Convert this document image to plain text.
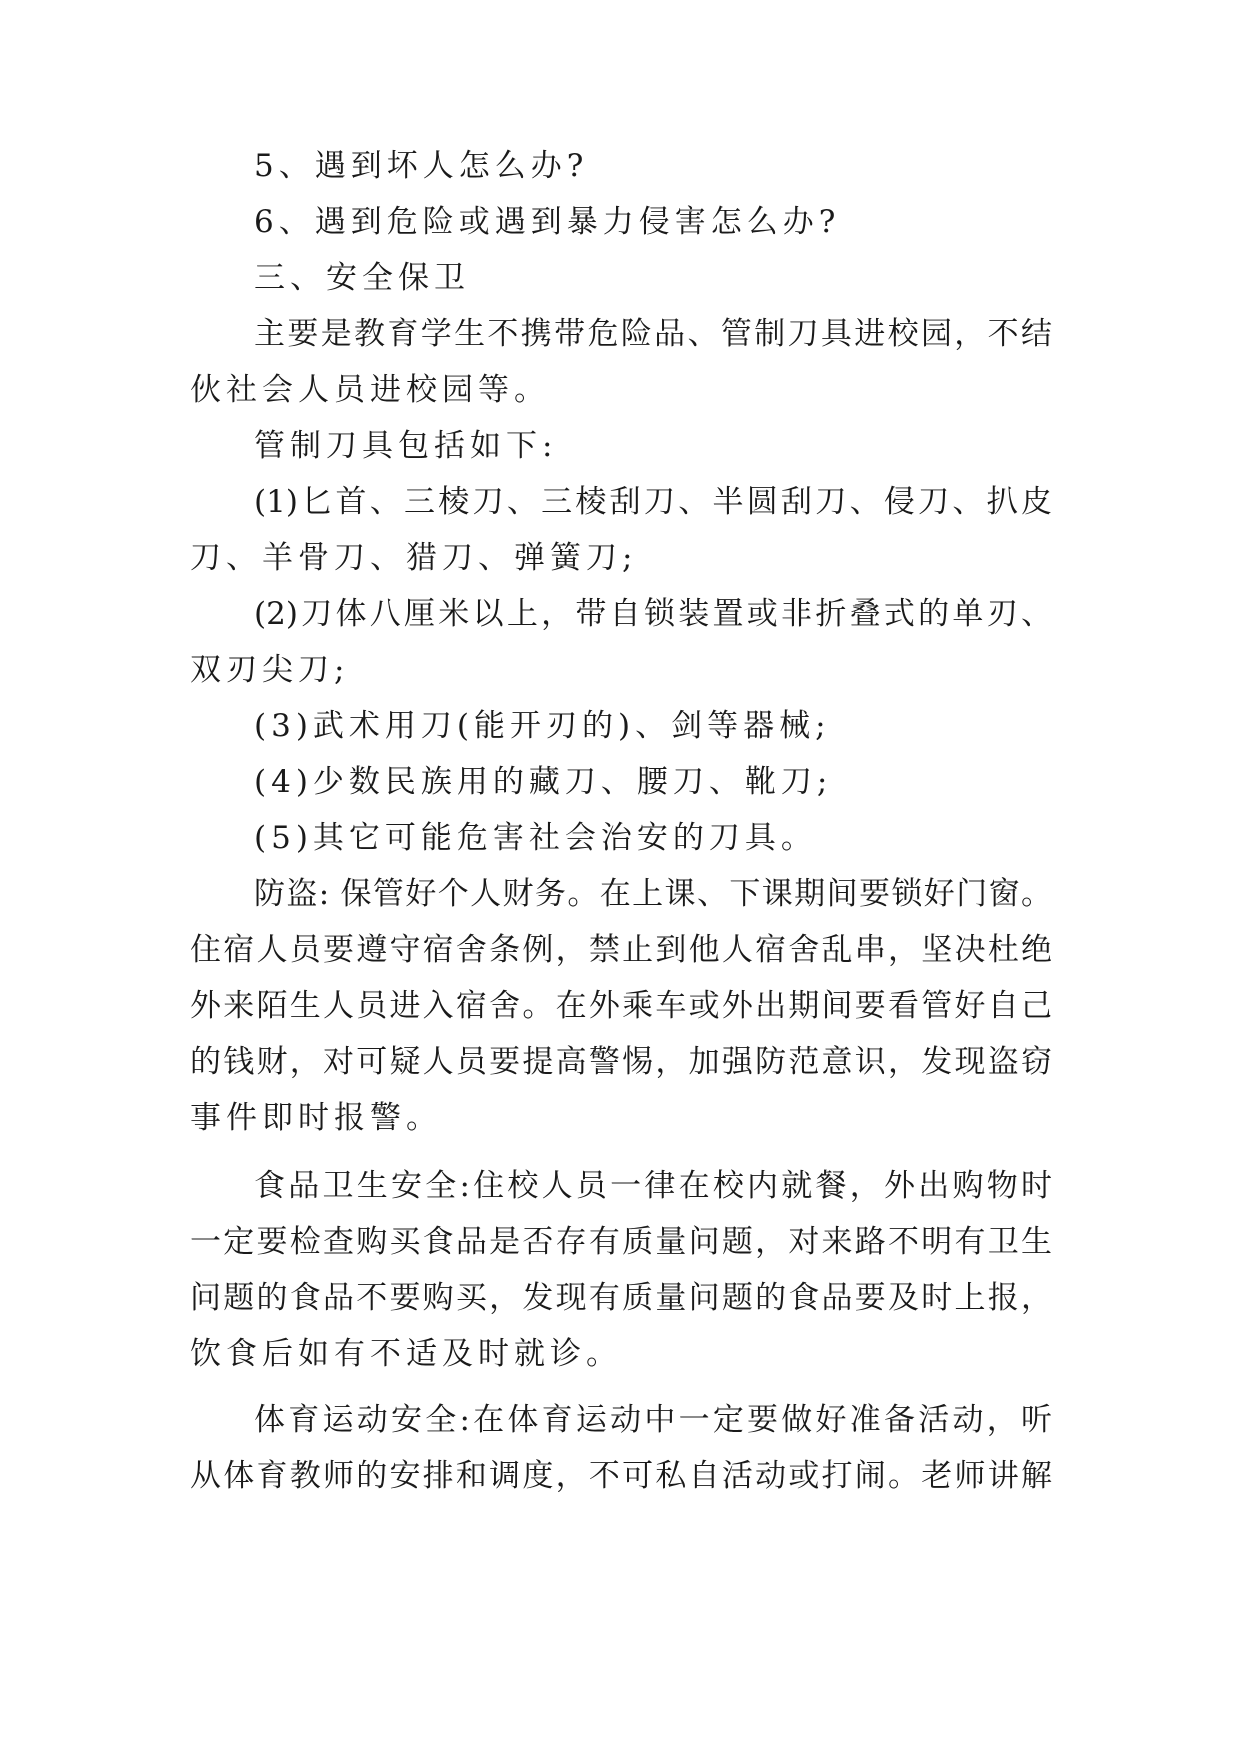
5、遇到坏人怎么办?
6、遇到危险或遇到暴力侵害怎么办?
三、安全保卫
主要是教育学生不携带危险品、管制刀具进校园，不结
伙社会人员进校园等。
管制刀具包括如下:
(1)匕首、三棱刀、三棱刮刀、半圆刮刀、侵刀、扒皮
刀、羊骨刀、猎刀、弹簧刀;
(2)刀体八厘米以上，带自锁装置或非折叠式的单刃、
双刃尖刀;
(3)武术用刀(能开刃的)、剑等器械;
(4)少数民族用的藏刀、腰刀、靴刀;
(5)其它可能危害社会治安的刀具。
防盗: 保管好个人财务。在上课、下课期间要锁好门窗。
住宿人员要遵守宿舍条例，禁止到他人宿舍乱串，坚决杜绝
外来陌生人员进入宿舍。在外乘车或外出期间要看管好自己
的钱财，对可疑人员要提高警惕，加强防范意识，发现盗窃
事件即时报警。
食品卫生安全:住校人员一律在校内就餐，外出购物时
一定要检查购买食品是否存有质量问题，对来路不明有卫生
问题的食品不要购买，发现有质量问题的食品要及时上报，
饮食后如有不适及时就诊。
体育运动安全:在体育运动中一定要做好准备活动，听
从体育教师的安排和调度，不可私自活动或打闹。老师讲解
